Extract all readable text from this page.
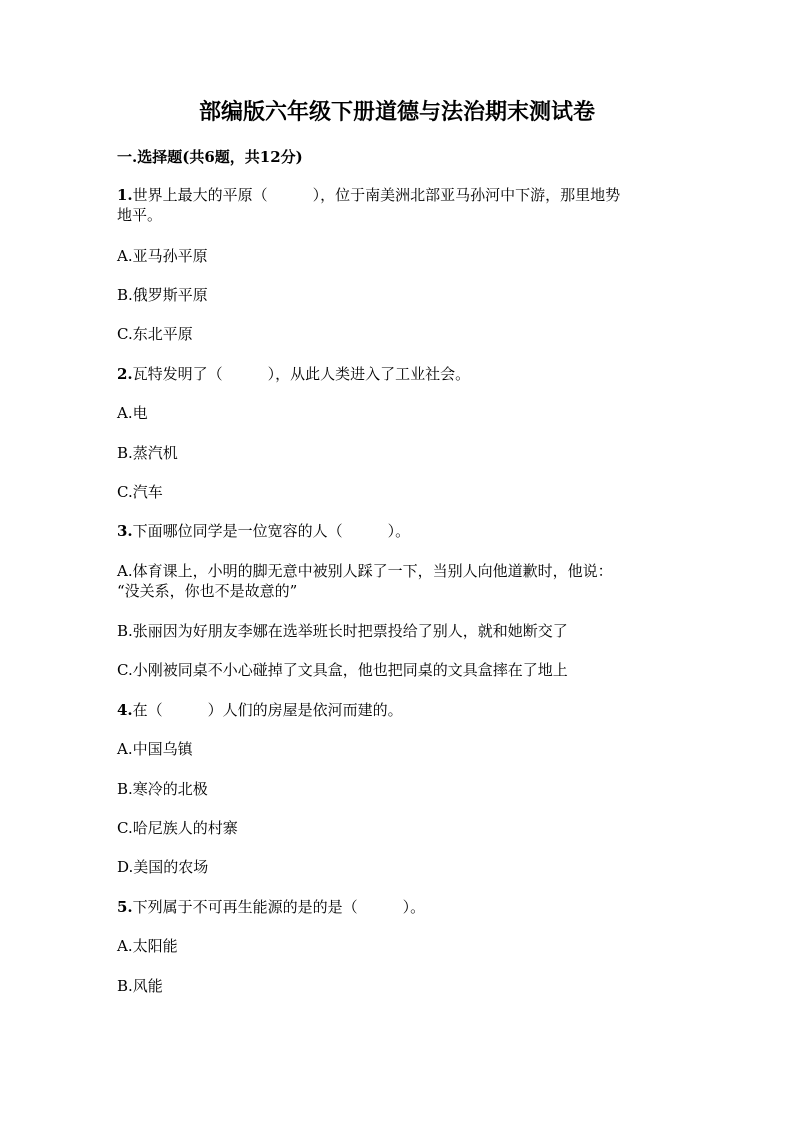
部编版六年级下册道德与法治期末测试卷
一.选择题(共6题，共12分)
1.世界上最大的平原（　　　），位于南美洲北部亚马孙河中下游，那里地势
地平。
A.亚马孙平原
B.俄罗斯平原
C.东北平原
2.瓦特发明了（　　　），从此人类进入了工业社会。
A.电
B.蒸汽机
C.汽车
3.下面哪位同学是一位宽容的人（　　　）。
A.体育课上，小明的脚无意中被别人踩了一下，当别人向他道歉时，他说：
“没关系，你也不是故意的”
B.张丽因为好朋友李娜在选举班长时把票投给了别人，就和她断交了
C.小刚被同桌不小心碰掉了文具盒，他也把同桌的文具盒摔在了地上
4.在（　　　）人们的房屋是依河而建的。
A.中国乌镇
B.寒冷的北极
C.哈尼族人的村寨
D.美国的农场
5.下列属于不可再生能源的是的是（　　　）。
A.太阳能
B.风能
